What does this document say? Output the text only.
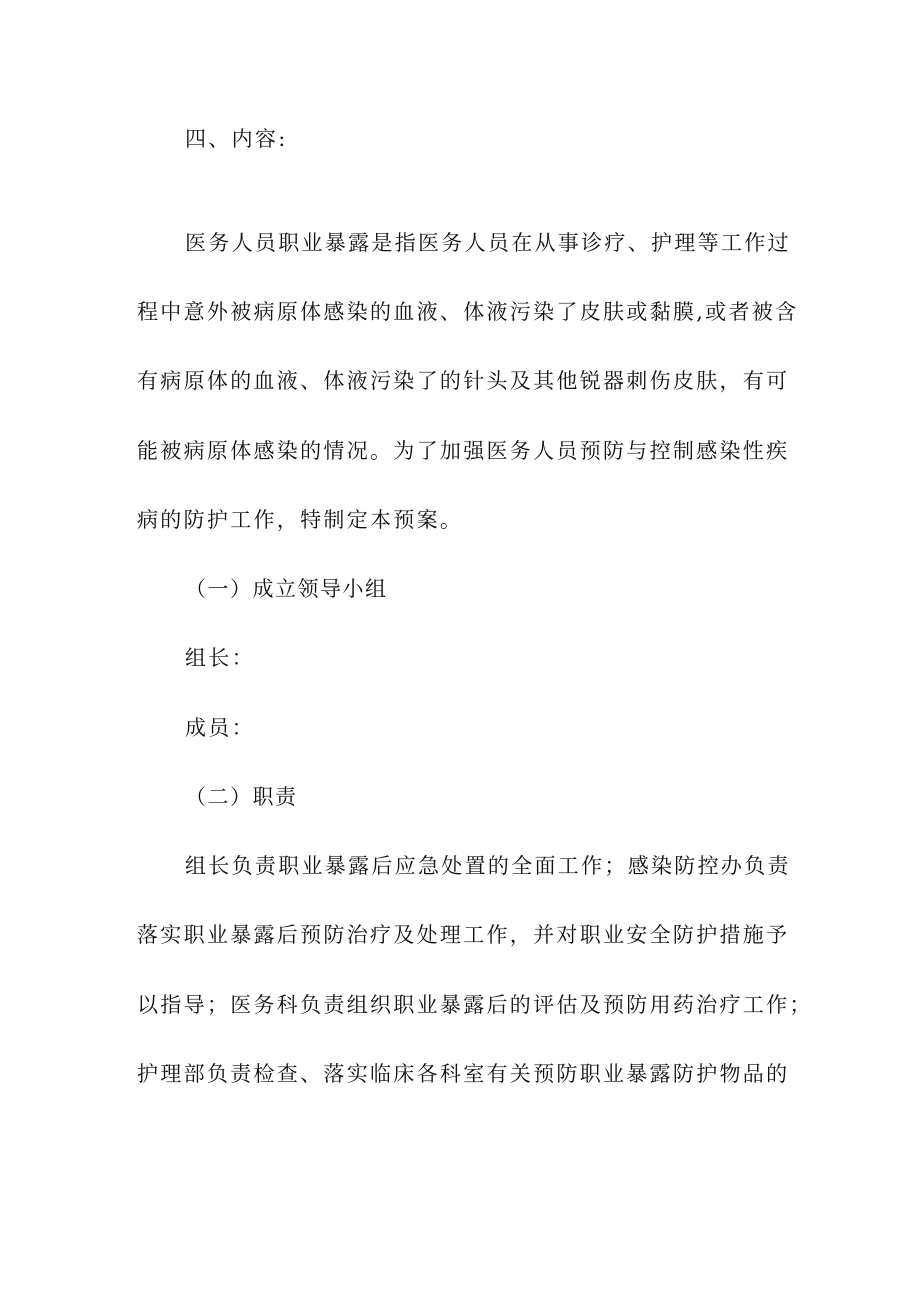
四、内容:
医务人员职业暴露是指医务人员在从事诊疗、护理等工作过
程中意外被病原体感染的血液、体液污染了皮肤或黏膜,或者被含
有病原体的血液、体液污染了的针头及其他锐器刺伤皮肤，有可
能被病原体感染的情况。为了加强医务人员预防与控制感染性疾
病的防护工作，特制定本预案。
（一）成立领导小组
组长：
成员：
（二）职责
组长负责职业暴露后应急处置的全面工作；感染防控办负责
落实职业暴露后预防治疗及处理工作，并对职业安全防护措施予
以指导；医务科负责组织职业暴露后的评估及预防用药治疗工作；
护理部负责检查、落实临床各科室有关预防职业暴露防护物品的
